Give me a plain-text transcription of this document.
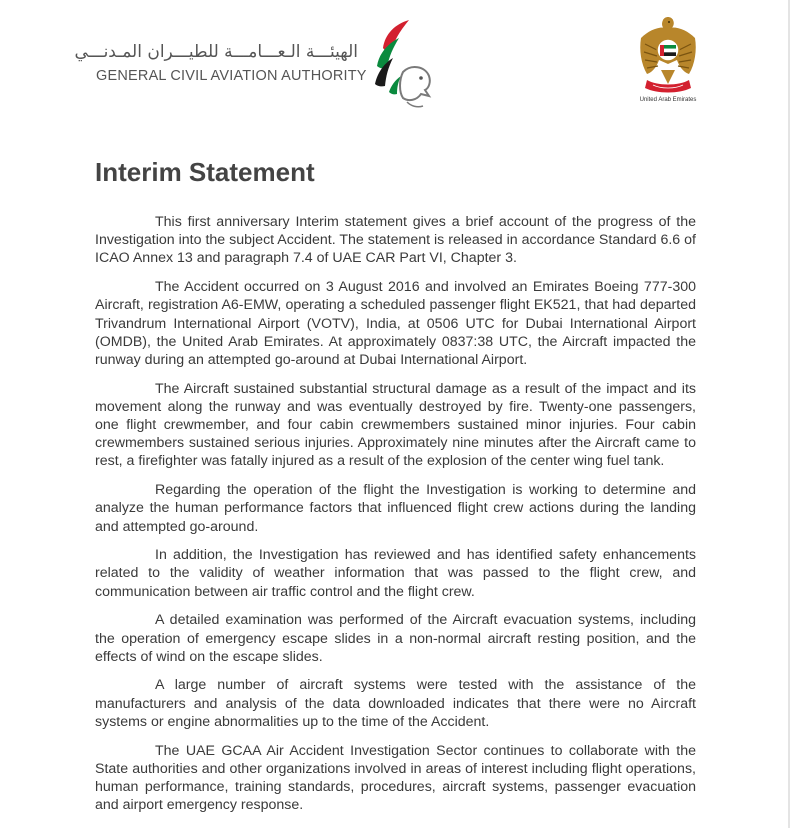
الهيئـــة الـعـــامـــة للطيـــران المـدنـــي
GENERAL CIVIL AVIATION AUTHORITY
United Arab Emirates
Interim Statement

This first anniversary Interim statement gives a brief account of the progress of the Investigation into the subject Accident. The statement is released in accordance Standard 6.6 of ICAO Annex 13 and paragraph 7.4 of UAE CAR Part VI, Chapter 3.

The Accident occurred on 3 August 2016 and involved an Emirates Boeing 777-300 Aircraft, registration A6-EMW, operating a scheduled passenger flight EK521, that had departed Trivandrum International Airport (VOTV), India, at 0506 UTC for Dubai International Airport (OMDB), the United Arab Emirates. At approximately 0837:38 UTC, the Aircraft impacted the runway during an attempted go-around at Dubai International Airport.

The Aircraft sustained substantial structural damage as a result of the impact and its movement along the runway and was eventually destroyed by fire. Twenty-one passengers, one flight crewmember, and four cabin crewmembers sustained minor injuries. Four cabin crewmembers sustained serious injuries. Approximately nine minutes after the Aircraft came to rest, a firefighter was fatally injured as a result of the explosion of the center wing fuel tank.

Regarding the operation of the flight the Investigation is working to determine and analyze the human performance factors that influenced flight crew actions during the landing and attempted go-around.

In addition, the Investigation has reviewed and has identified safety enhancements related to the validity of weather information that was passed to the flight crew, and communication between air traffic control and the flight crew.

A detailed examination was performed of the Aircraft evacuation systems, including the operation of emergency escape slides in a non-normal aircraft resting position, and the effects of wind on the escape slides.

A large number of aircraft systems were tested with the assistance of the manufacturers and analysis of the data downloaded indicates that there were no Aircraft systems or engine abnormalities up to the time of the Accident.

The UAE GCAA Air Accident Investigation Sector continues to collaborate with the State authorities and other organizations involved in areas of interest including flight operations, human performance, training standards, procedures, aircraft systems, passenger evacuation and airport emergency response.
